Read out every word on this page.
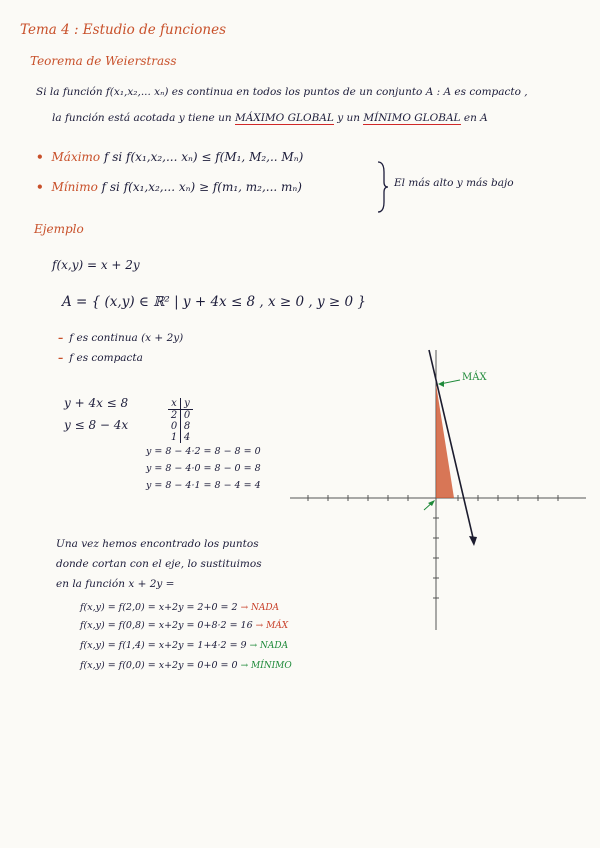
Tema 4 : Estudio de funciones
Teorema de Weierstrass
Si la función f(x₁,x₂,... xₙ) es continua en todos los puntos de un conjunto A : A es compacto ,
la función está acotada y tiene un MÁXIMO GLOBAL y un MÍNIMO GLOBAL en A
• Máximo f si f(x₁,x₂,... xₙ) ≤ f(M₁, M₂,.. Mₙ)
• Mínimo f si f(x₁,x₂,... xₙ) ≥ f(m₁, m₂,... mₙ)	El más alto y más bajo
Ejemplo
f(x,y) = x + 2y
A = { (x,y) ∈ ℝ² | y + 4x ≤ 8 , x ≥ 0 , y ≥ 0 }
– f es continua (x + 2y)
– f es compacta
y + 4x ≤ 8
y ≤ 8 − 4x
x y
2 0
0 8
1 4
y = 8 − 4·2 = 8 − 8 = 0
y = 8 − 4·0 = 8 − 0 = 8
y = 8 − 4·1 = 8 − 4 = 4
Una vez hemos encontrado los puntos
donde cortan con el eje, lo sustituimos
en la función x + 2y =
f(x,y) = f(2,0) = x+2y = 2+0 = 2 → NADA
f(x,y) = f(0,8) = x+2y = 0+8·2 = 16 → MÁX
f(x,y) = f(1,4) = x+2y = 1+4·2 = 9 → NADA
f(x,y) = f(0,0) = x+2y = 0+0 = 0 → MÍNIMO
MÁX
